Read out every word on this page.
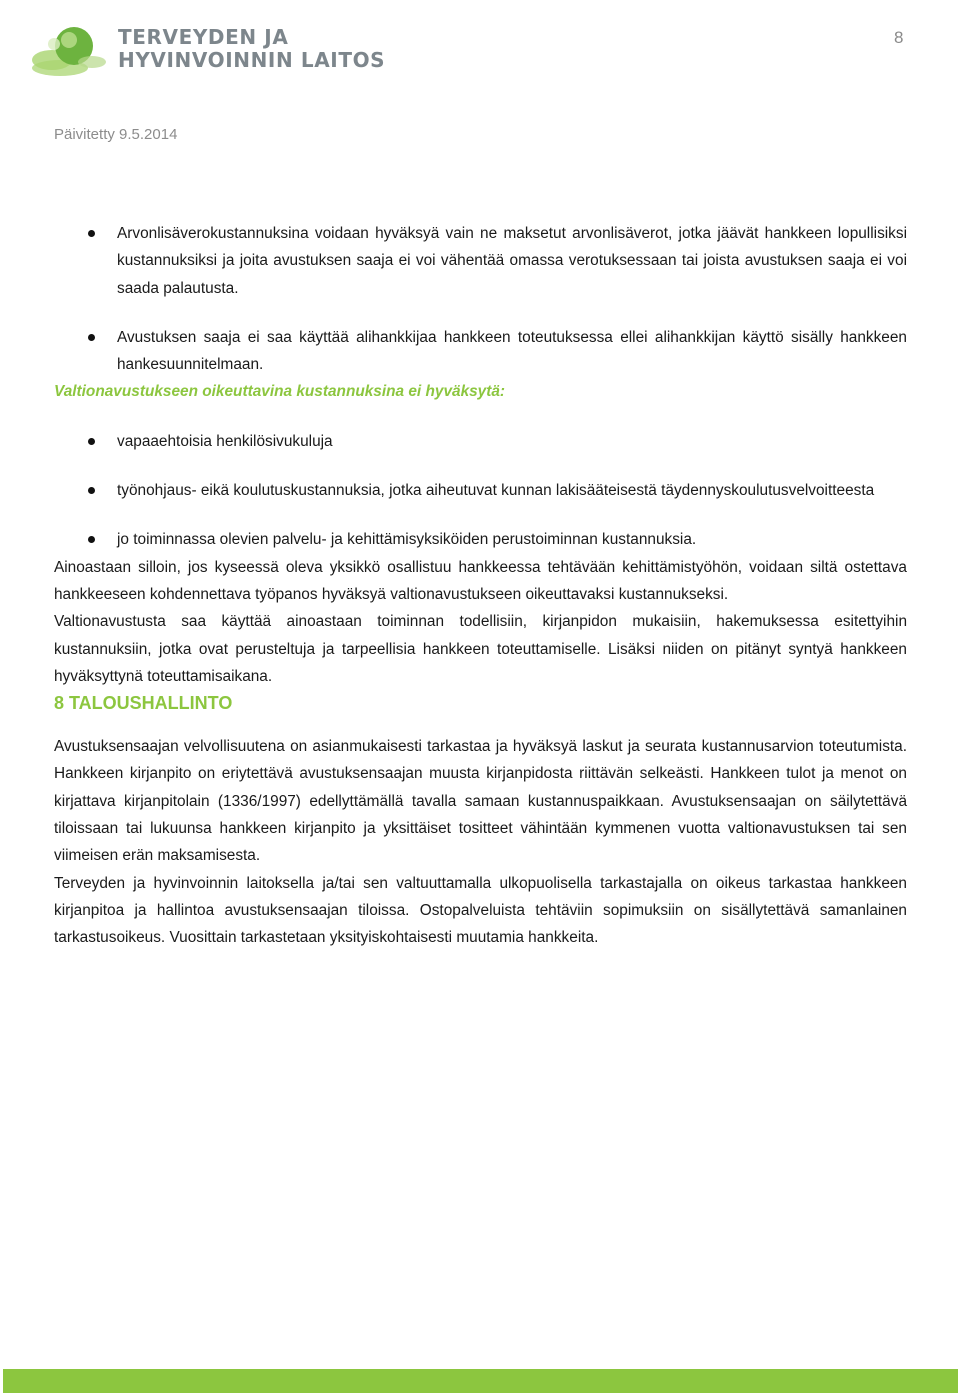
TERVEYDEN JA
HYVINVOINNIN LAITOS
8
Päivitetty 9.5.2014
Arvonlisäverokustannuksina voidaan hyväksyä vain ne maksetut arvonlisäverot, jotka jäävät hankkeen lopullisiksi kustannuksiksi ja joita avustuksen saaja ei voi vähentää omassa verotuksessaan tai joista avustuksen saaja ei voi saada palautusta.
Avustuksen saaja ei saa käyttää alihankkijaa hankkeen toteutuksessa ellei alihankkijan käyttö sisälly hankkeen hankesuunnitelmaan.

Valtionavustukseen oikeuttavina kustannuksina ei hyväksytä:

vapaaehtoisia henkilösivukuluja
työnohjaus- eikä koulutuskustannuksia, jotka aiheutuvat kunnan lakisääteisestä täydennyskoulutusvelvoitteesta
jo toiminnassa olevien palvelu- ja kehittämisyksiköiden perustoiminnan kustannuksia.

Ainoastaan silloin, jos kyseessä oleva yksikkö osallistuu hankkeessa tehtävään kehittämistyöhön, voidaan siltä ostettava hankkeeseen kohdennettava työpanos hyväksyä valtionavustukseen oikeuttavaksi kustannukseksi.

Valtionavustusta saa käyttää ainoastaan toiminnan todellisiin, kirjanpidon mukaisiin, hakemuksessa esitettyihin kustannuksiin, jotka ovat perusteltuja ja tarpeellisia hankkeen toteuttamiselle. Lisäksi niiden on pitänyt syntyä hankkeen hyväksyttynä toteuttamisaikana.

8 TALOUSHALLINTO

Avustuksensaajan velvollisuutena on asianmukaisesti tarkastaa ja hyväksyä laskut ja seurata kustannusarvion toteutumista. Hankkeen kirjanpito on eriytettävä avustuksensaajan muusta kirjanpidosta riittävän selkeästi. Hankkeen tulot ja menot on kirjattava kirjanpitolain (1336/1997) edellyttämällä tavalla samaan kustannuspaikkaan. Avustuksensaajan on säilytettävä tiloissaan tai lukuunsa hankkeen kirjanpito ja yksittäiset tositteet vähintään kymmenen vuotta valtionavustuksen tai sen viimeisen erän maksamisesta.

Terveyden ja hyvinvoinnin laitoksella ja/tai sen valtuuttamalla ulkopuolisella tarkastajalla on oikeus tarkastaa hankkeen kirjanpitoa ja hallintoa avustuksensaajan tiloissa. Ostopalveluista tehtäviin sopimuksiin on sisällytettävä samanlainen tarkastusoikeus. Vuosittain tarkastetaan yksityiskohtaisesti muutamia hankkeita.
